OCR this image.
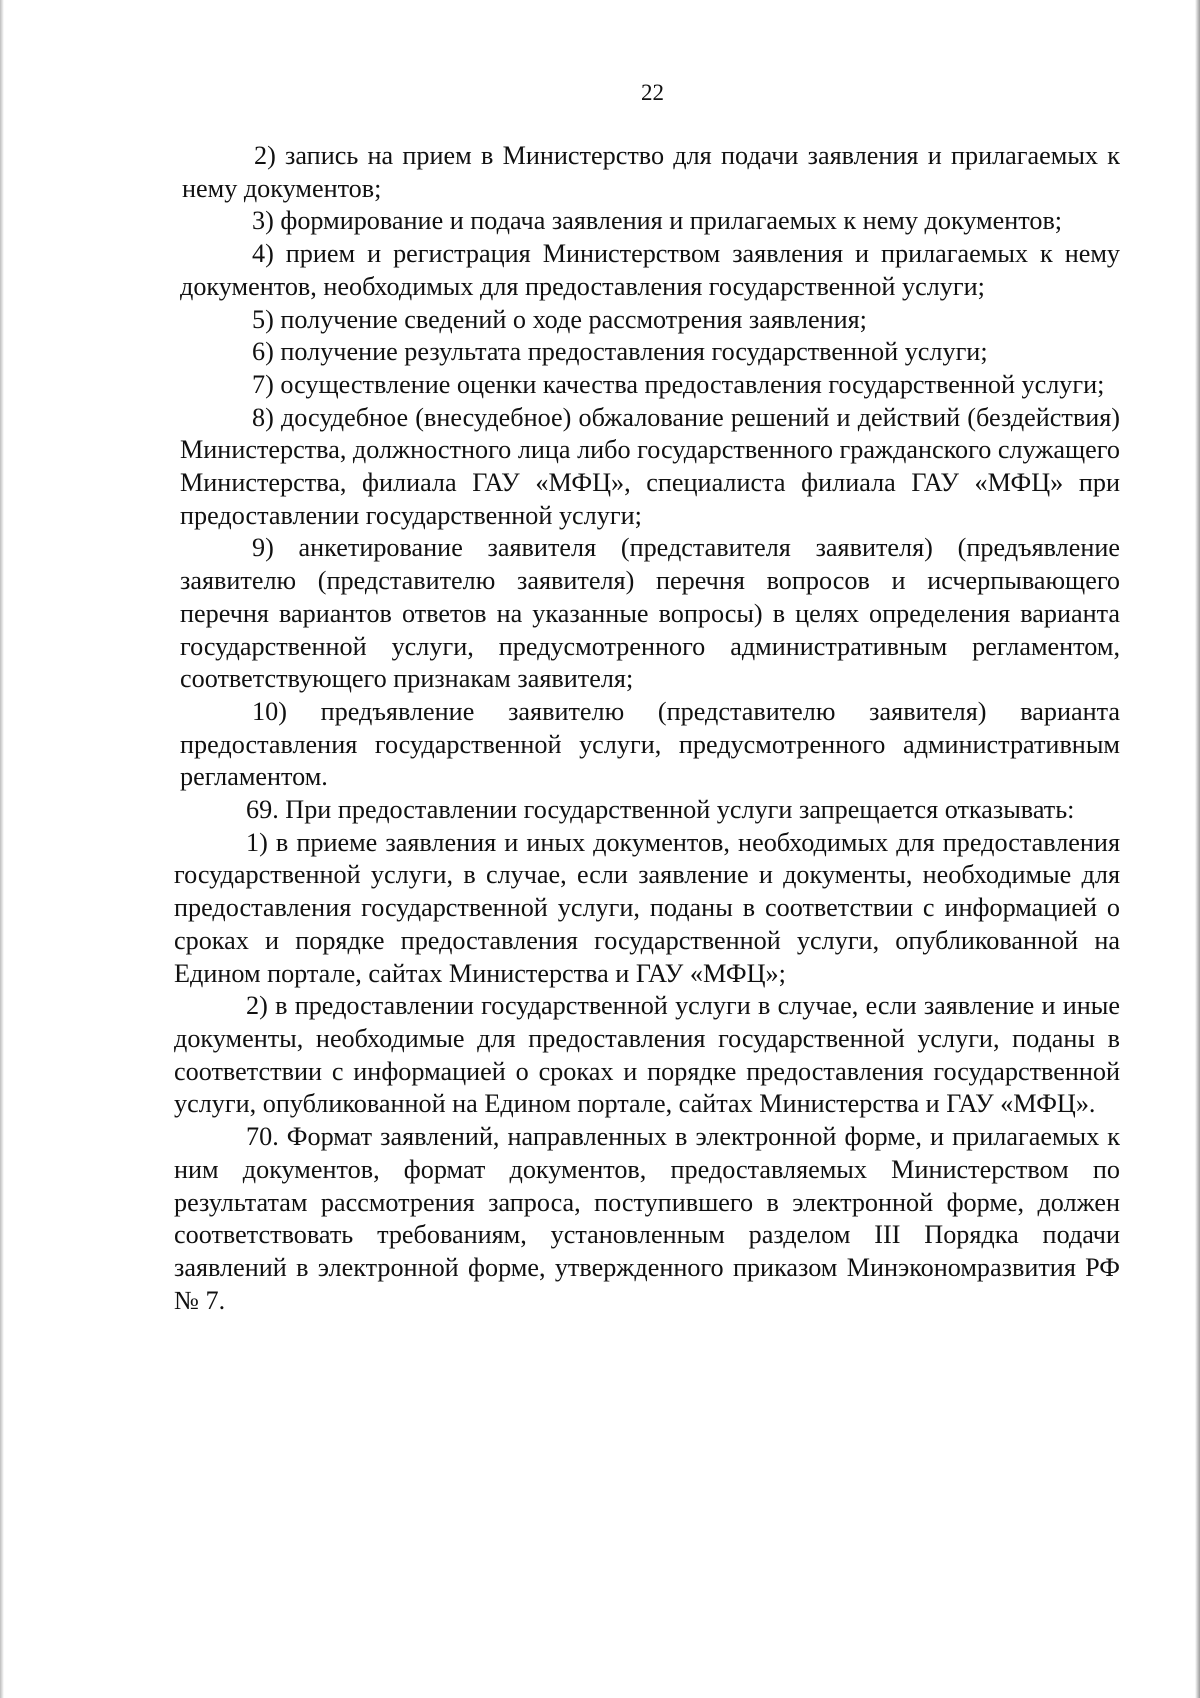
22

2) запись на прием в Министерство для подачи заявления и прилагаемых к нему документов;

3) формирование и подача заявления и прилагаемых к нему документов;

4) прием и регистрация Министерством заявления и прилагаемых к нему документов, необходимых для предоставления государственной услуги;

5) получение сведений о ходе рассмотрения заявления;

6) получение результата предоставления государственной услуги;

7) осуществление оценки качества предоставления государственной услуги;

8) досудебное (внесудебное) обжалование решений и действий (бездействия) Министерства, должностного лица либо государственного гражданского служащего Министерства, филиала ГАУ «МФЦ», специалиста филиала ГАУ «МФЦ» при предоставлении государственной услуги;

9) анкетирование заявителя (представителя заявителя) (предъявление заявителю (представителю заявителя) перечня вопросов и исчерпывающего перечня вариантов ответов на указанные вопросы) в целях определения варианта государственной услуги, предусмотренного административным регламентом, соответствующего признакам заявителя;

10) предъявление заявителю (представителю заявителя) варианта предоставления государственной услуги, предусмотренного административным регламентом.

69. При предоставлении государственной услуги запрещается отказывать:

1) в приеме заявления и иных документов, необходимых для предоставления государственной услуги, в случае, если заявление и документы, необходимые для предоставления государственной услуги, поданы в соответствии с информацией о сроках и порядке предоставления государственной услуги, опубликованной на Едином портале, сайтах Министерства и ГАУ «МФЦ»;

2) в предоставлении государственной услуги в случае, если заявление и иные документы, необходимые для предоставления государственной услуги, поданы в соответствии с информацией о сроках и порядке предоставления государственной услуги, опубликованной на Едином портале, сайтах Министерства и ГАУ «МФЦ».

70. Формат заявлений, направленных в электронной форме, и прилагаемых к ним документов, формат документов, предоставляемых Министерством по результатам рассмотрения запроса, поступившего в электронной форме, должен соответствовать требованиям, установленным разделом III Порядка подачи заявлений в электронной форме, утвержденного приказом Минэкономразвития РФ № 7.
